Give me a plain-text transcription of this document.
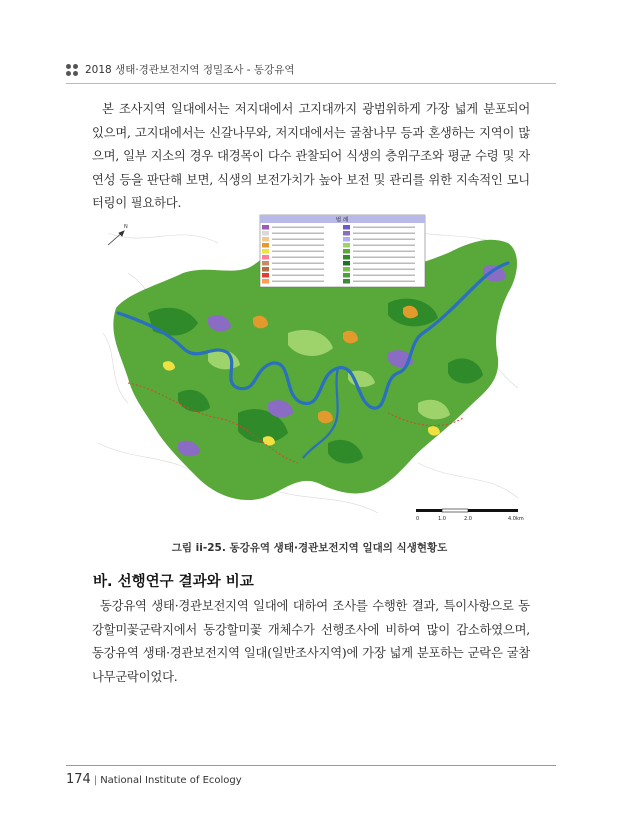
2018 생태·경관보전지역 정밀조사 - 동강유역
본 조사지역 일대에서는 저지대에서 고지대까지 광범위하게 가장 넓게 분포되어 있으며, 고지대에서는 신갈나무와, 저지대에서는 굴참나무 등과 혼생하는 지역이 많으며, 일부 지소의 경우 대경목이 다수 관찰되어 식생의 층위구조와 평균 수령 및 자연성 등을 판단해 보면, 식생의 보전가치가 높아 보전 및 관리를 위한 지속적인 모니터링이 필요하다.
범 례
N
0	1.0	2.0	4.0km
그림 ii-25. 동강유역 생태·경관보전지역 일대의 식생현황도
바. 선행연구 결과와 비교
동강유역 생태·경관보전지역 일대에 대하여 조사를 수행한 결과, 특이사항으로 동강할미꽃군락지에서 동강할미꽃 개체수가 선행조사에 비하여 많이 감소하였으며, 동강유역 생태·경관보전지역 일대(일반조사지역)에 가장 넓게 분포하는 군락은 굴참나무군락이었다.
174 | National Institute of Ecology
